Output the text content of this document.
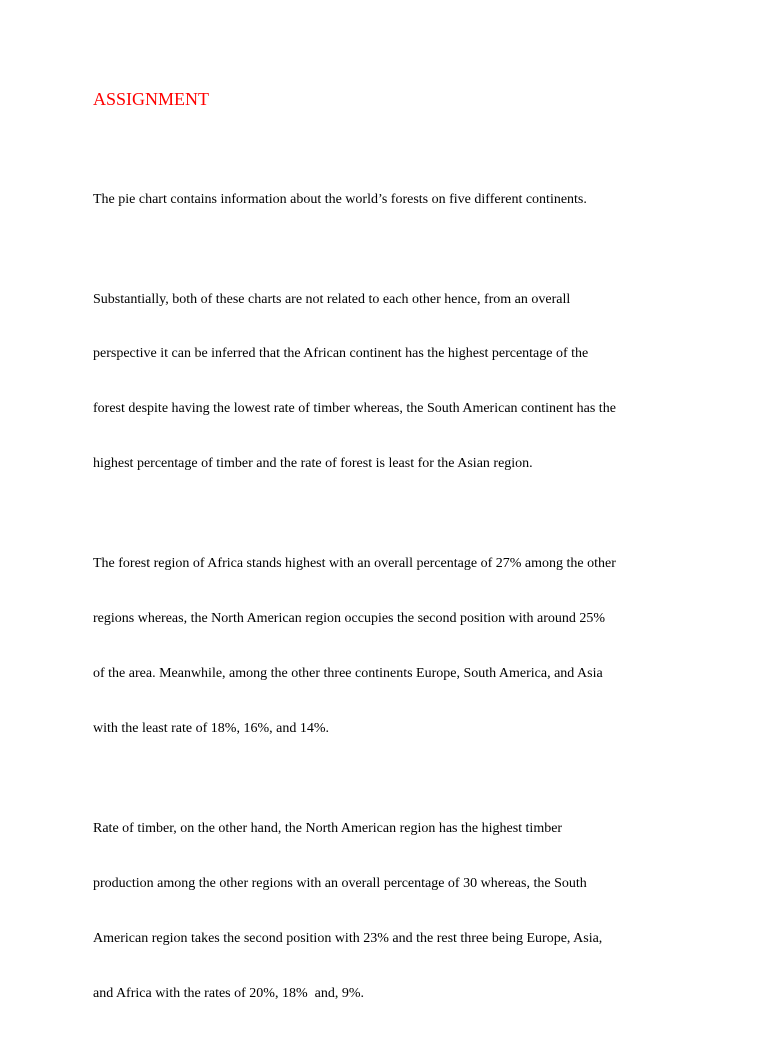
ASSIGNMENT

The pie chart contains information about the world’s forests on five different continents.

Substantially, both of these charts are not related to each other hence, from an overall

perspective it can be inferred that the African continent has the highest percentage of the

forest despite having the lowest rate of timber whereas, the South American continent has the

highest percentage of timber and the rate of forest is least for the Asian region.

The forest region of Africa stands highest with an overall percentage of 27% among the other

regions whereas, the North American region occupies the second position with around 25%

of the area. Meanwhile, among the other three continents Europe, South America, and Asia

with the least rate of 18%, 16%, and 14%.

Rate of timber, on the other hand, the North American region has the highest timber

production among the other regions with an overall percentage of 30 whereas, the South

American region takes the second position with 23% and the rest three being Europe, Asia,

and Africa with the rates of 20%, 18%  and, 9%.
